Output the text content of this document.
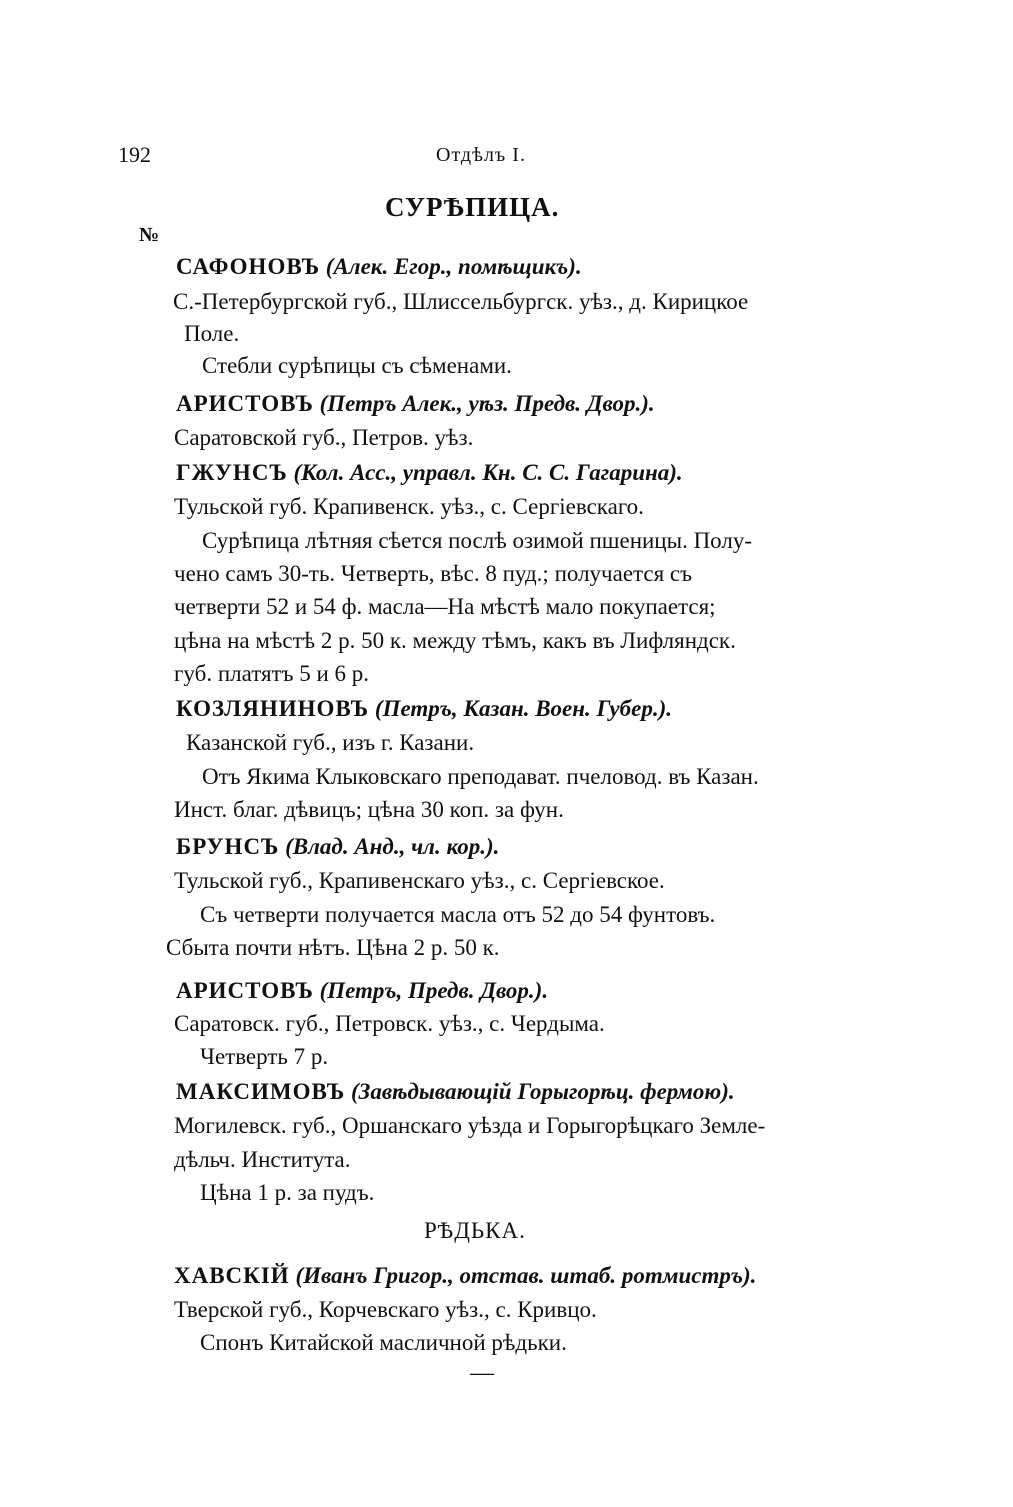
192	Отдѣлъ I.
СУРѢПИЦА.
№
САФОНОВЪ (Алек. Егор., помѣщикъ).
С.-Петербургской губ., Шлиссельбургск. уѣз., д. Кирицкое
Поле.
Стебли сурѣпицы съ сѣменами.
АРИСТОВЪ (Петръ Алек., уѣз. Предв. Двор.).
Саратовской губ., Петров. уѣз.
ГЖУНСЪ (Кол. Асс., управл. Кн. С. С. Гагарина).
Тульской губ. Крапивенск. уѣз., с. Сергіевскаго.
Сурѣпица лѣтняя сѣется послѣ озимой пшеницы. Полу-
чено самъ 30-ть. Четверть, вѣс. 8 пуд.; получается съ
четверти 52 и 54 ф. масла—На мѣстѣ мало покупается;
цѣна на мѣстѣ 2 р. 50 к. между тѣмъ, какъ въ Лифляндск.
губ. платятъ 5 и 6 р.
КОЗЛЯНИНОВЪ (Петръ, Казан. Воен. Губер.).
Казанской губ., изъ г. Казани.
Отъ Якима Клыковскаго преподават. пчеловод. въ Казан.
Инст. благ. дѣвицъ; цѣна 30 коп. за фун.
БРУНСЪ (Влад. Анд., чл. кор.).
Тульской губ., Крапивенскаго уѣз., с. Сергіевское.
Съ четверти получается масла отъ 52 до 54 фунтовъ.
Сбыта почти нѣтъ. Цѣна 2 р. 50 к.
АРИСТОВЪ (Петръ, Предв. Двор.).
Саратовск. губ., Петровск. уѣз., с. Чердыма.
Четверть 7 р.
МАКСИМОВЪ (Завѣдывающій Горыгорѣц. фермою).
Могилевск. губ., Оршанскаго уѣзда и Горыгорѣцкаго Земле-
дѣльч. Института.
Цѣна 1 р. за пудъ.
РѢДЬКА.
ХАВСКІЙ (Иванъ Григор., отстав. штаб. ротмистръ).
Тверской губ., Корчевскаго уѣз., с. Кривцо.
Спонъ Китайской масличной рѣдьки.
—
